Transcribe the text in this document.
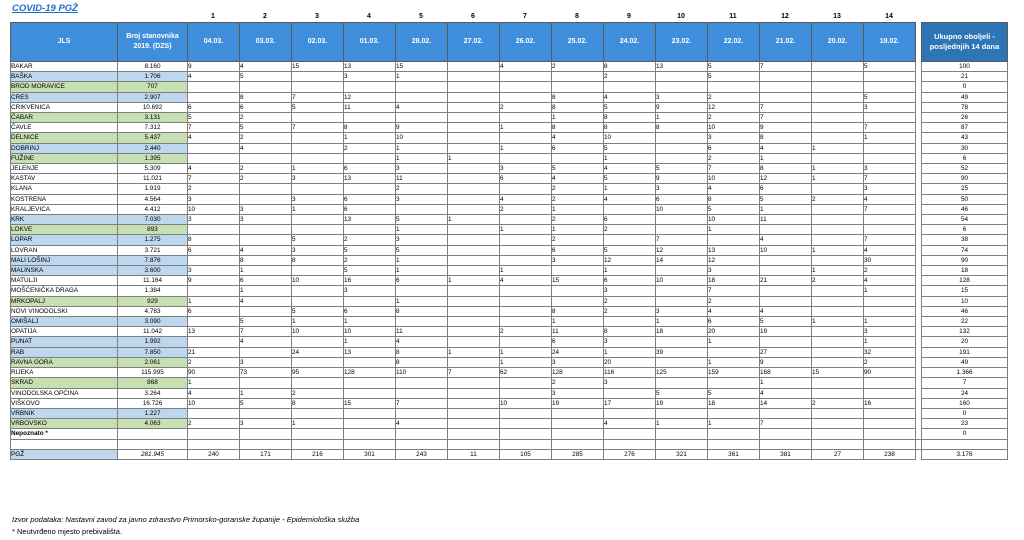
COVID-19 PGŽ
1	2	3	4	5	6	7	8	9	10	11	12	13	14
JLS	Broj stanovnika 2019. (DZS)	04.03.	03.03.	02.03.	01.03.	28.02.	27.02.	26.02.	25.02.	24.02.	23.02.	22.02.	21.02.	20.02.	19.02.		Ukupno oboljeli - posljednjih 14 dana
BAKAR	8.160	9	4	15	13	15		4	2	8	13	5	7		5		100
BAŠKA	1.706	4	5		3	1				2		5					21
BROD MORAVICE	707																0
CRES	2.907		8	7	12				8	4	3	2			5		49
CRIKVENICA	10.692	6	6	5	11	4		2	8	5	9	12	7		3		78
ČABAR	3.131	5	2						1	8	1	2	7				26
ČAVLE	7.312	7	5	7	8	9		1	8	8	8	10	9		7		87
DELNICE	5.437	4	2		1	10			4	10		3	8		1		43
DOBRINJ	2.440		4		2	1		1	6	5		6	4	1			30
FUŽINE	1.395					1	1			1		2	1				6
JELENJE	5.309	4	2	1	6	3		3	5	4	5	7	8	1	3		52
KASTAV	11.021	7	2	3	13	11		6	4	5	9	10	12	1	7		90
KLANA	1.919	2				2			2	1	3	4	6		3		25
KOSTRENA	4.564	3		3	6	3		4	2	4	6	8	5	2	4		50
KRALJEVICA	4.412	10	3	1	6			2	1		10	5	1		7		46
KRK	7.030	3	3		13	5	1		2	6		10	11				54
LOKVE	893					1		1	1	2		1					6
LOPAR	1.275	8		5	2	3			2		7		4		7		38
LOVRAN	3.721	6	4	3	5	5			6	5	12	13	10	1	4		74
MALI LOŠINJ	7.876		8	8	2	1			3	12	14	12			30		90
MALINSKA	3.600	3	1		5	1		1		1		3		1	2		18
MATULJI	11.164	9	6	10	16	6	1	4	15	6	10	18	21	2	4		128
MOŠĆENIČKA DRAGA	1.384		1		3					3		7			1		15
MRKOPALJ	929	1	4			1				2		2					10
NOVI VINODOLSKI	4.783	6		5	6	8			8	2	3	4	4				46
OMIŠALJ	3.090		5	1	1				1		1	6	5	1	1		22
OPATIJA	11.042	13	7	10	10	11		2	11	8	18	20	19		3		132
PUNAT	1.992		4		1	4			6	3		1			1		20
RAB	7.850	21		24	13	8	1	1	24	1	39		27		32		191
RAVNA GORA	2.061	2	3			8		1	3	20		1	9		2		49
RIJEKA	115.995	90	73	95	128	110	7	62	128	116	125	159	168	15	90		1.366
SKRAD	868	1							2	3			1				7
VINODOLSKA OPĆINA	3.264	4	1	2					3		5	5	4				24
VIŠKOVO	16.726	10	5	8	15	7		10	19	17	19	18	14	2	16		160
VRBNIK	1.227																0
VRBOVSKO	4.063	2	3	1		4				4	1	1	7				23
Nepoznato *																	0

PGŽ	281.945	240	171	216	301	243	11	105	285	276	321	361	381	27	238		3.176
Izvor podataka: Nastavni zavod za javno zdravstvo Primorsko-goranske županije - Epidemiološka služba
* Neutvrđeno mjesto prebivališta.
